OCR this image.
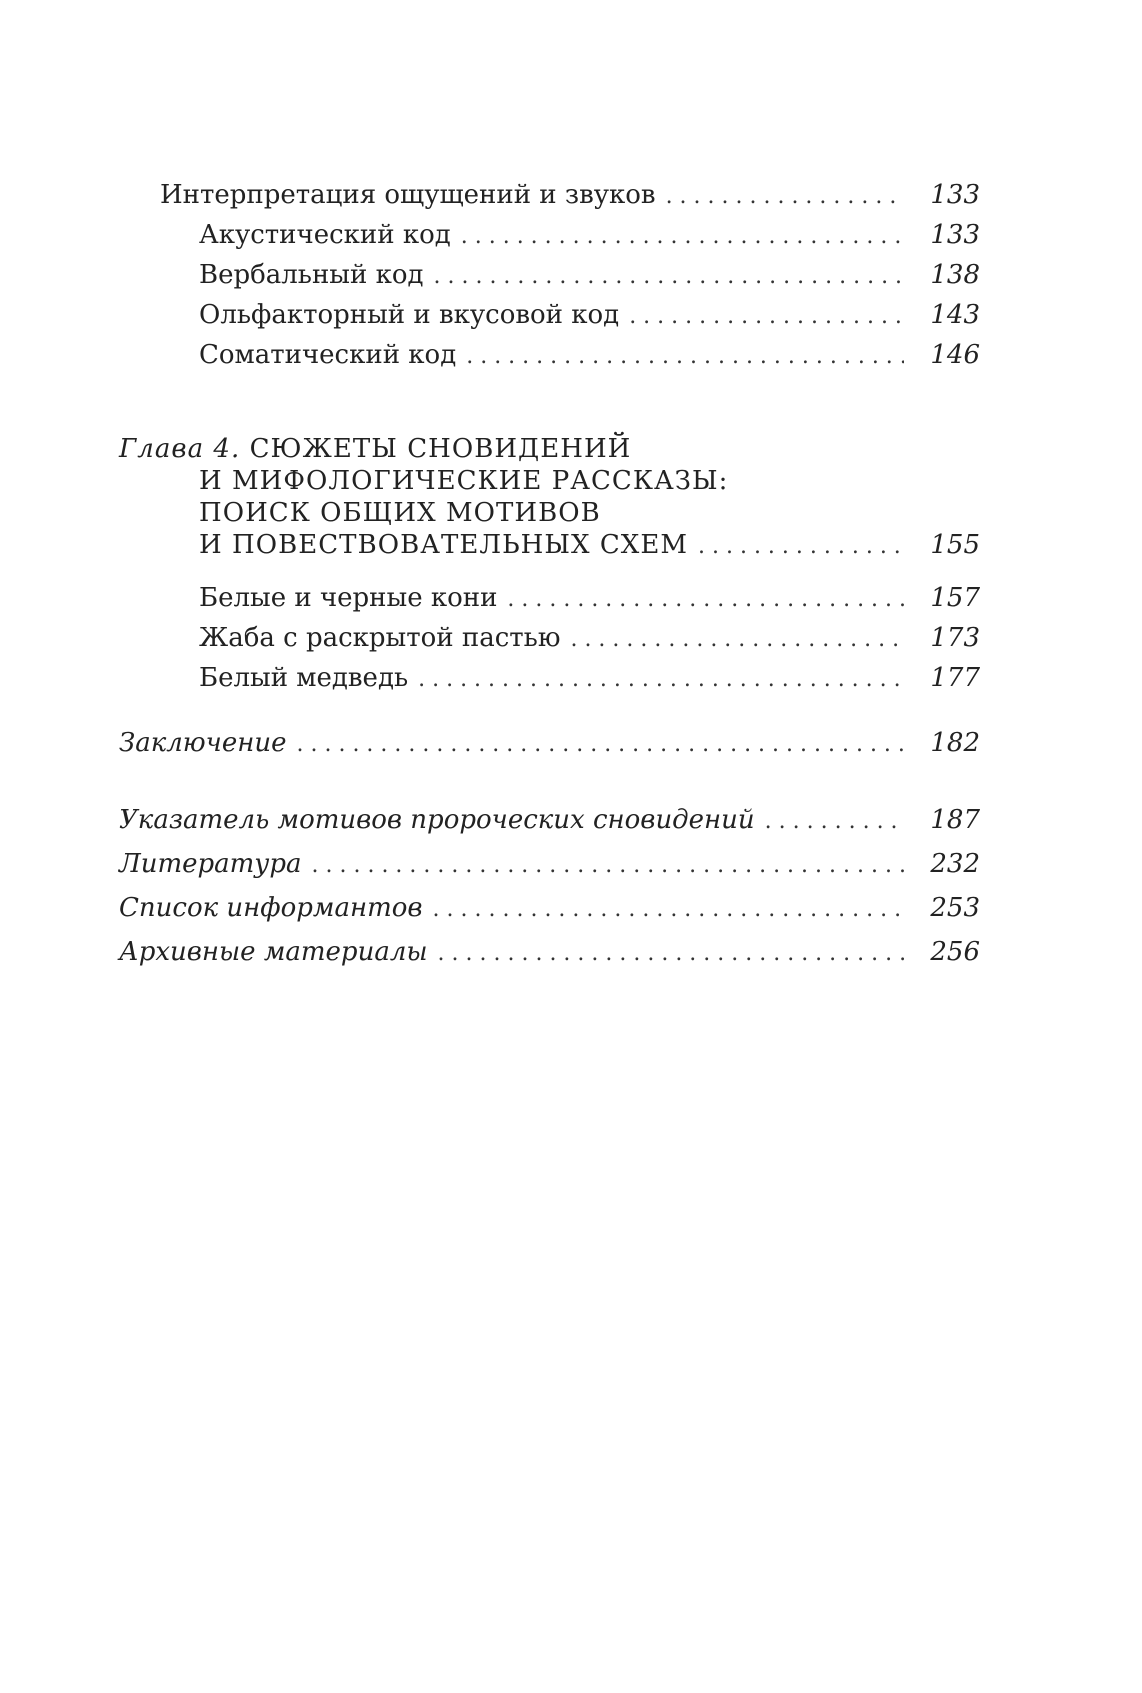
Интерпретация ощущений и звуков . . .	133
Акустический код . . .	133
Вербальный код . . .	138
Ольфакторный и вкусовой код . . .	143
Соматический код . . .	146
Глава 4. СЮЖЕТЫ СНОВИДЕНИЙ
И МИФОЛОГИЧЕСКИЕ РАССКАЗЫ:
ПОИСК ОБЩИХ МОТИВОВ
И ПОВЕСТВОВАТЕЛЬНЫХ СХЕМ . . .	155
Белые и черные кони . . .	157
Жаба с раскрытой пастью . . .	173
Белый медведь . . .	177
Заключение . . .	182
Указатель мотивов пророческих сновидений . . .	187
Литература . . .	232
Список информантов . . .	253
Архивные материалы . . .	256
